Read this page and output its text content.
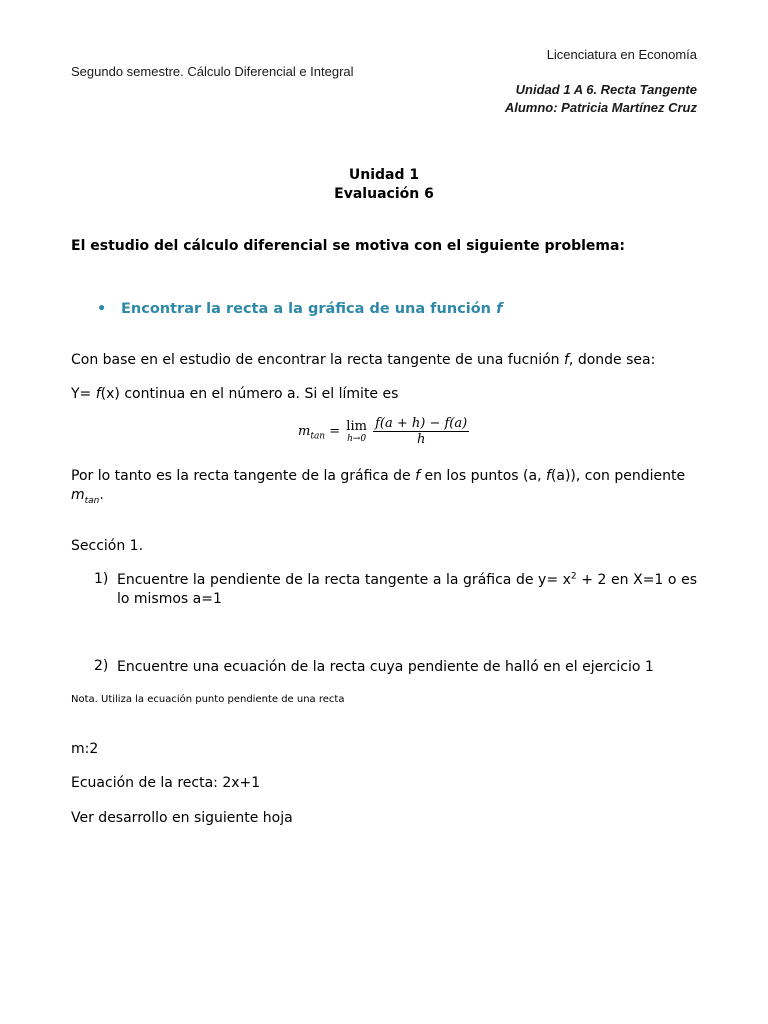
Licenciatura en Economía
Unidad 1 A 6. Recta Tangente
Alumno: Patricia Martínez Cruz
Segundo semestre. Cálculo Diferencial e Integral
Unidad 1
Evaluación 6
El estudio del cálculo diferencial se motiva con el siguiente problema:
• Encontrar la recta a la gráfica de una función f
Con base en el estudio de encontrar la recta tangente de una fucnión f, donde sea:
Y= f(x) continua en el número a. Si el límite es
$m_{tan} = \lim$
h→0
$\frac{f(a + h) - f(a)}{h}$
Por lo tanto es la recta tangente de la gráfica de f en los puntos (a, f(a)), con pendiente
$m_{tan}$.
Sección 1.
1) Encuentre la pendiente de la recta tangente a la gráfica de $y= x^2 + 2$ en X=1 o es lo mismos a=1
2) Encuentre una ecuación de la recta cuya pendiente de halló en el ejercicio 1
Nota. Utiliza la ecuación punto pendiente de una recta
m:2
Ecuación de la recta: 2x+1
Ver desarrollo en siguiente hoja
